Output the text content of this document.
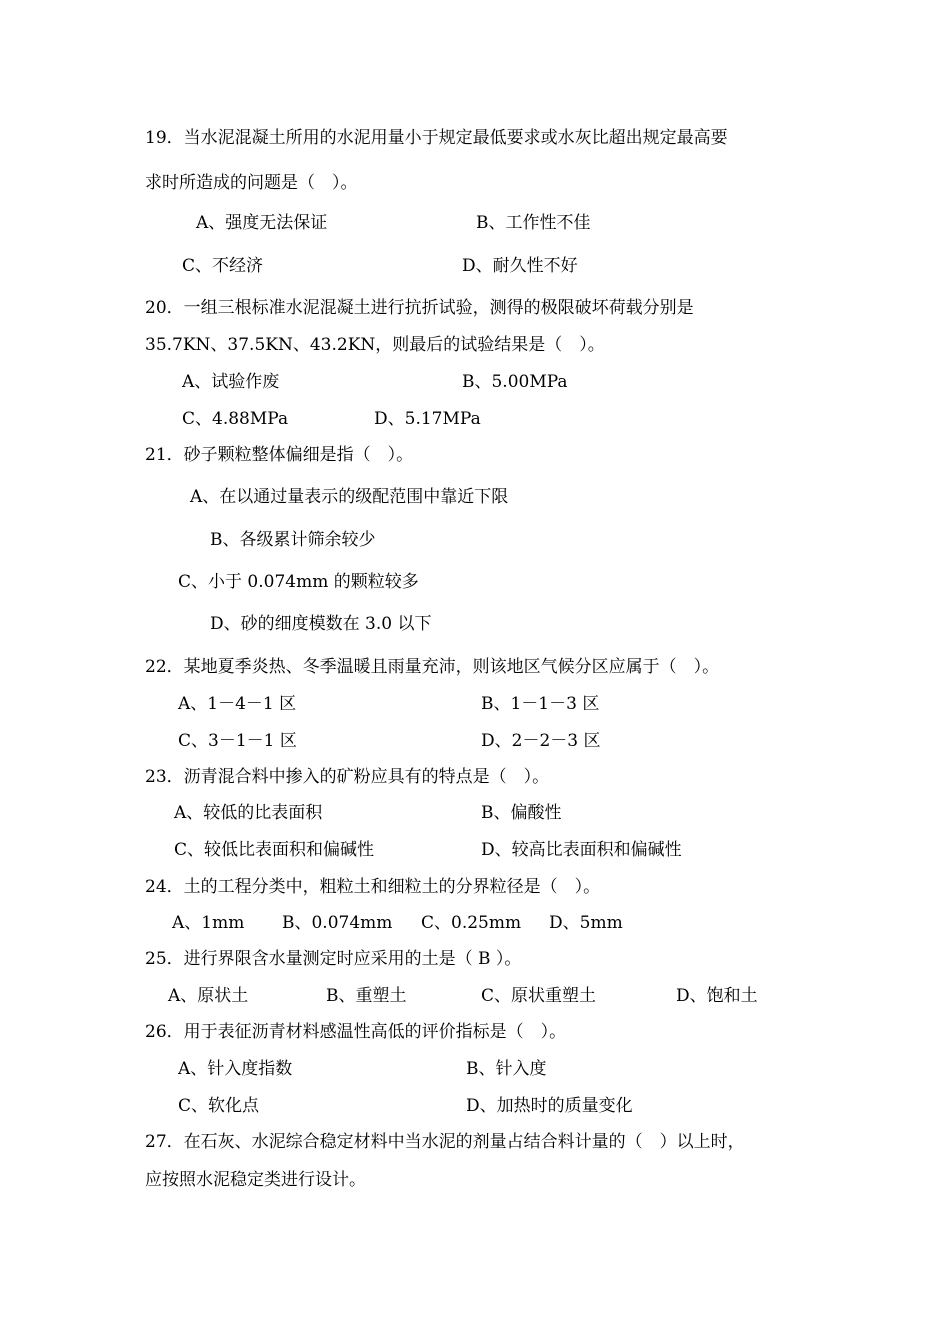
19．当水泥混凝土所用的水泥用量小于规定最低要求或水灰比超出规定最高要
求时所造成的问题是（　）。
A、强度无法保证	B、工作性不佳
C、不经济	D、耐久性不好
20．一组三根标准水泥混凝土进行抗折试验，测得的极限破坏荷载分别是
35.7KN、37.5KN、43.2KN，则最后的试验结果是（　）。
A、试验作废	B、5.00MPa
C、4.88MPa	D、5.17MPa
21．砂子颗粒整体偏细是指（　）。
A、在以通过量表示的级配范围中靠近下限
B、各级累计筛余较少
C、小于 0.074mm 的颗粒较多
D、砂的细度模数在 3.0 以下
22．某地夏季炎热、冬季温暖且雨量充沛，则该地区气候分区应属于（　）。
A、1－4－1 区	B、1－1－3 区
C、3－1－1 区	D、2－2－3 区
23．沥青混合料中掺入的矿粉应具有的特点是（　）。
A、较低的比表面积	B、偏酸性
C、较低比表面积和偏碱性	D、较高比表面积和偏碱性
24．土的工程分类中，粗粒土和细粒土的分界粒径是（　）。
A、1mm B、0.074mm C、0.25mm D、5mm
25．进行界限含水量测定时应采用的土是（ B ）。
A、原状土	B、重塑土	C、原状重塑土	D、饱和土
26．用于表征沥青材料感温性高低的评价指标是（　）。
A、针入度指数	B、针入度
C、软化点	D、加热时的质量变化
27．在石灰、水泥综合稳定材料中当水泥的剂量占结合料计量的（　）以上时，
应按照水泥稳定类进行设计。
